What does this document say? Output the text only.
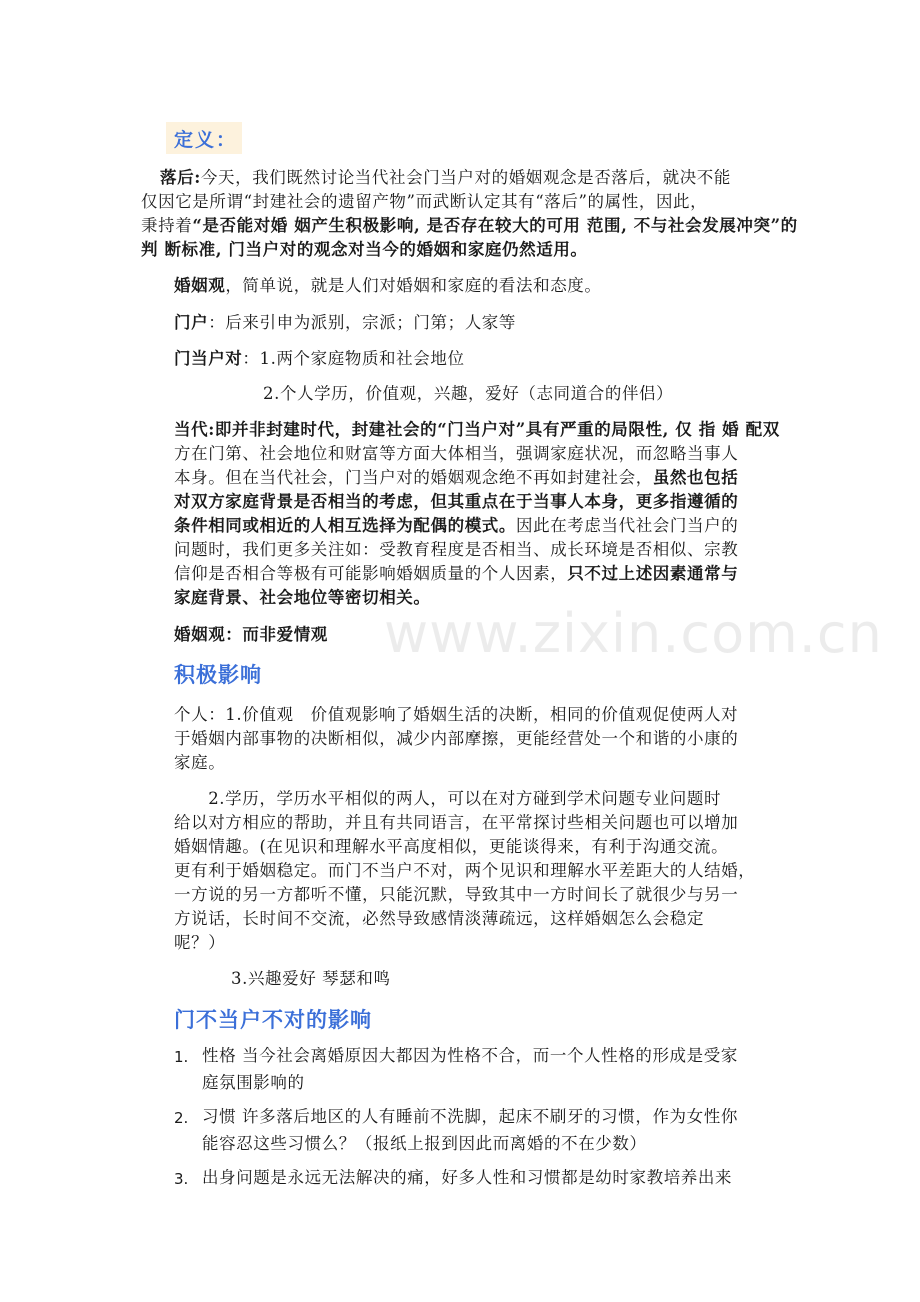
www.zixin.com.cn
定义：
落后:今天，我们既然讨论当代社会门当户对的婚姻观念是否落后，就决不能
仅因它是所谓“封建社会的遗留产物”而武断认定其有“落后”的属性，因此，
秉持着“是否能对婚 姻产生积极影响, 是否存在较大的可用 范围, 不与社会发展冲突”的
判 断标准, 门当户对的观念对当今的婚姻和家庭仍然适用。
婚姻观，简单说，就是人们对婚姻和家庭的看法和态度。
门户：后来引申为派别，宗派；门第；人家等
门当户对：1.两个家庭物质和社会地位
2.个人学历，价值观，兴趣，爱好（志同道合的伴侣）
当代:即并非封建时代，封建社会的“门当户对”具有严重的局限性, 仅 指 婚 配双
方在门第、社会地位和财富等方面大体相当，强调家庭状况，而忽略当事人
本身。但在当代社会，门当户对的婚姻观念绝不再如封建社会，虽然也包括
对双方家庭背景是否相当的考虑，但其重点在于当事人本身，更多指遵循的
条件相同或相近的人相互选择为配偶的模式。因此在考虑当代社会门当户的
问题时，我们更多关注如：受教育程度是否相当、成长环境是否相似、宗教
信仰是否相合等极有可能影响婚姻质量的个人因素，只不过上述因素通常与
家庭背景、社会地位等密切相关。
婚姻观：而非爱情观
积极影响
个人：1.价值观　价值观影响了婚姻生活的决断，相同的价值观促使两人对
于婚姻内部事物的决断相似，减少内部摩擦，更能经营处一个和谐的小康的
家庭。
　　2.学历，学历水平相似的两人，可以在对方碰到学术问题专业问题时
给以对方相应的帮助，并且有共同语言，在平常探讨些相关问题也可以增加
婚姻情趣。(在见识和理解水平高度相似，更能谈得来，有利于沟通交流。
更有利于婚姻稳定。而门不当户不对，两个见识和理解水平差距大的人结婚，
一方说的另一方都听不懂，只能沉默，导致其中一方时间长了就很少与另一
方说话，长时间不交流，必然导致感情淡薄疏远，这样婚姻怎么会稳定
呢？）
3.兴趣爱好 琴瑟和鸣
门不当户不对的影响
1. 性格 当今社会离婚原因大都因为性格不合，而一个人性格的形成是受家
庭氛围影响的
2. 习惯 许多落后地区的人有睡前不洗脚，起床不刷牙的习惯，作为女性你
能容忍这些习惯么？（报纸上报到因此而离婚的不在少数）
3. 出身问题是永远无法解决的痛，好多人性和习惯都是幼时家教培养出来
